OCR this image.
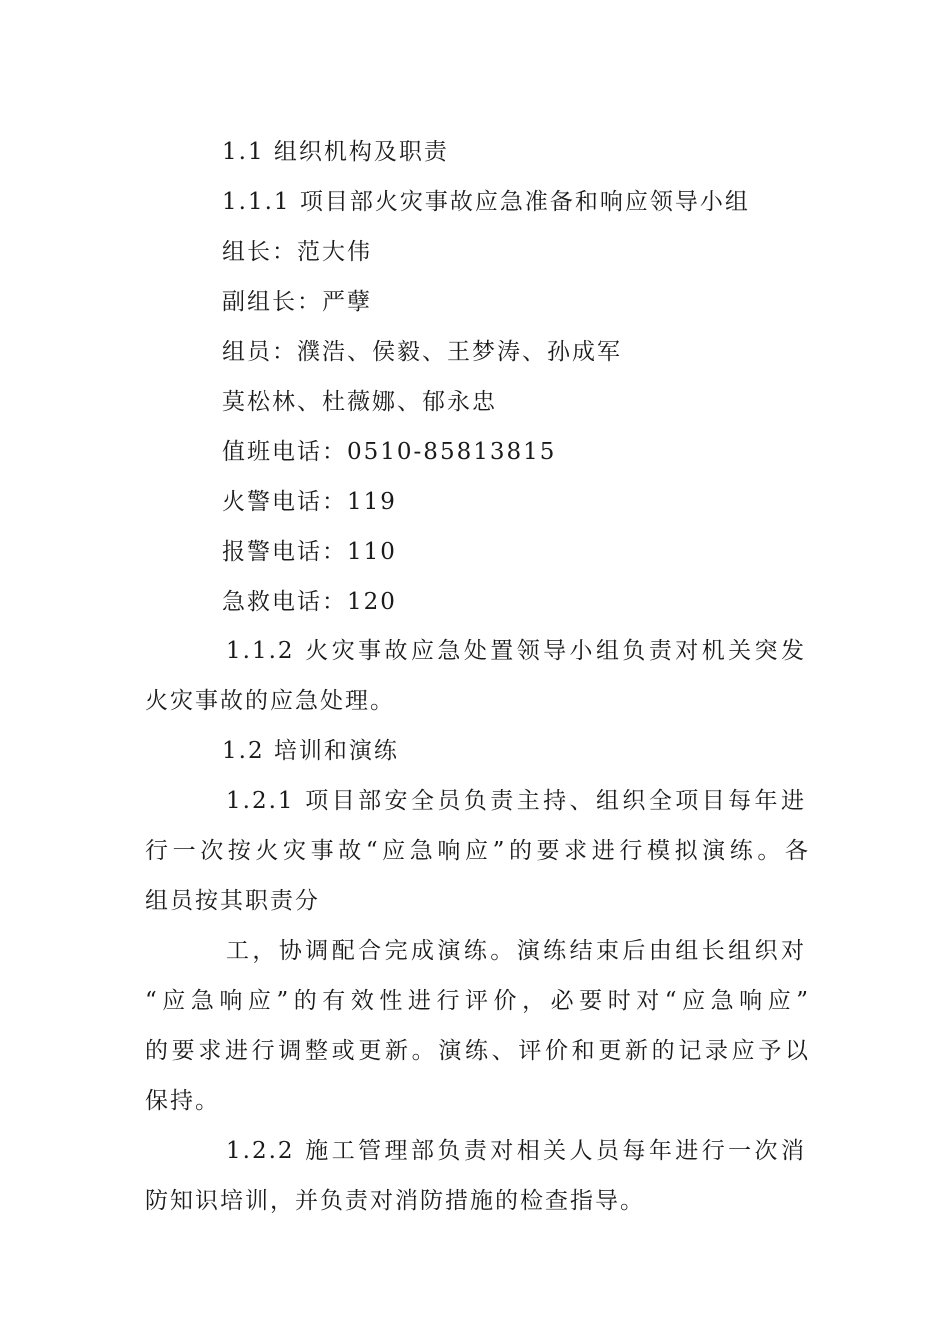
1.1 组织机构及职责
1.1.1 项目部火灾事故应急准备和响应领导小组
组长：范大伟
副组长：严孽
组员：濮浩、侯毅、王梦涛、孙成军
莫松林、杜薇娜、郁永忠
值班电话：0510-85813815
火警电话：119
报警电话：110
急救电话：120
1.1.2 火灾事故应急处置领导小组负责对机关突发
火灾事故的应急处理。
1.2 培训和演练
1.2.1 项目部安全员负责主持、组织全项目每年进
行一次按火灾事故“应急响应”的要求进行模拟演练。各
组员按其职责分
工，协调配合完成演练。演练结束后由组长组织对
“应急响应”的有效性进行评价，必要时对“应急响应”
的要求进行调整或更新。演练、评价和更新的记录应予以
保持。
1.2.2 施工管理部负责对相关人员每年进行一次消
防知识培训，并负责对消防措施的检查指导。
